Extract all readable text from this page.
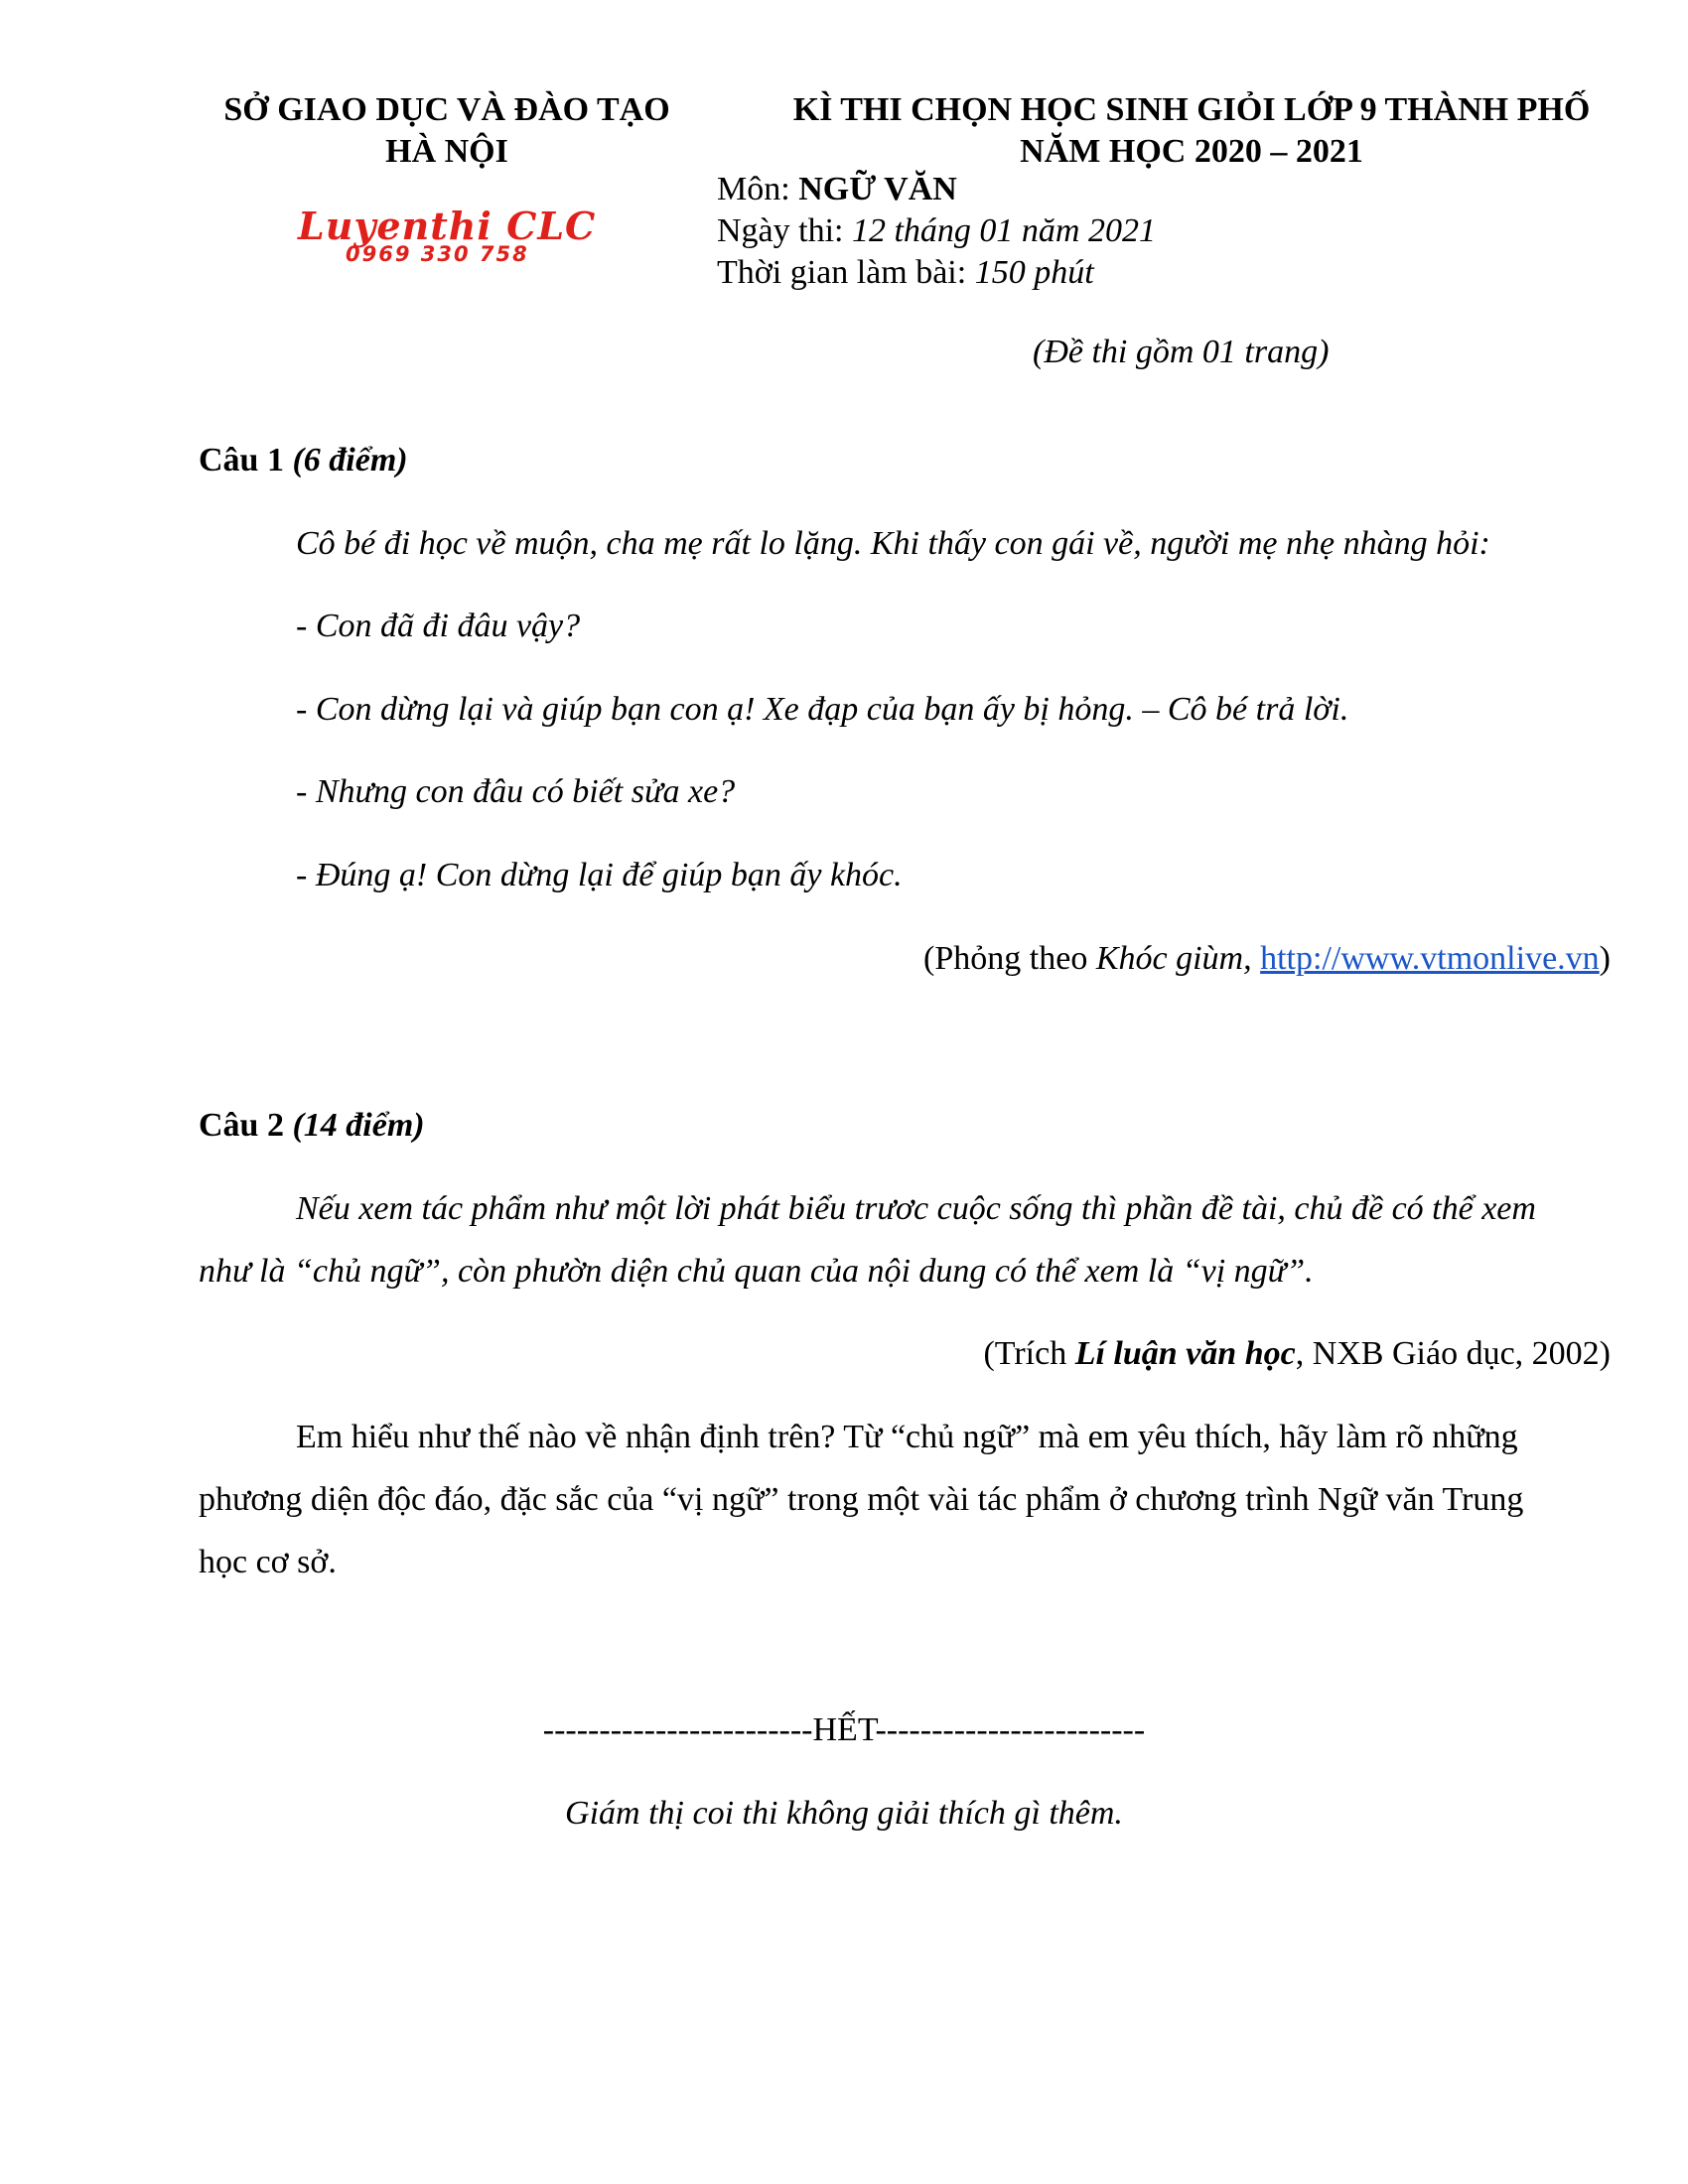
SỞ GIAO DỤC VÀ ĐÀO TẠO
HÀ NỘI
KÌ THI CHỌN HỌC SINH GIỎI LỚP 9 THÀNH PHỐ
NĂM HỌC 2020 – 2021
Luyenthi CLC
0969 330 758
Môn: NGỮ VĂN
Ngày thi: 12 tháng 01 năm 2021
Thời gian làm bài: 150 phút
(Đề thi gồm 01 trang)
Câu 1 (6 điểm)
Cô bé đi học về muộn, cha mẹ rất lo lặng. Khi thấy con gái về, người mẹ nhẹ nhàng hỏi:
- Con đã đi đâu vậy?
- Con dừng lại và giúp bạn con ạ! Xe đạp của bạn ấy bị hỏng. – Cô bé trả lời.
- Nhưng con đâu có biết sửa xe?
- Đúng ạ! Con dừng lại để giúp bạn ấy khóc.
(Phỏng theo Khóc giùm, http://www.vtmonlive.vn)
Câu 2 (14 điểm)
Nếu xem tác phẩm như một lời phát biểu trươc cuộc sống thì phần đề tài, chủ đề có thể xem
như là “chủ ngữ”, còn phườn diện chủ quan của nội dung có thể xem là “vị ngữ”.
(Trích Lí luận văn học, NXB Giáo dục, 2002)
Em hiểu như thế nào về nhận định trên? Từ “chủ ngữ” mà em yêu thích, hãy làm rõ những
phương diện độc đáo, đặc sắc của “vị ngữ” trong một vài tác phẩm ở chương trình Ngữ văn Trung
học cơ sở.
------------------------HẾT------------------------
Giám thị coi thi không giải thích gì thêm.
